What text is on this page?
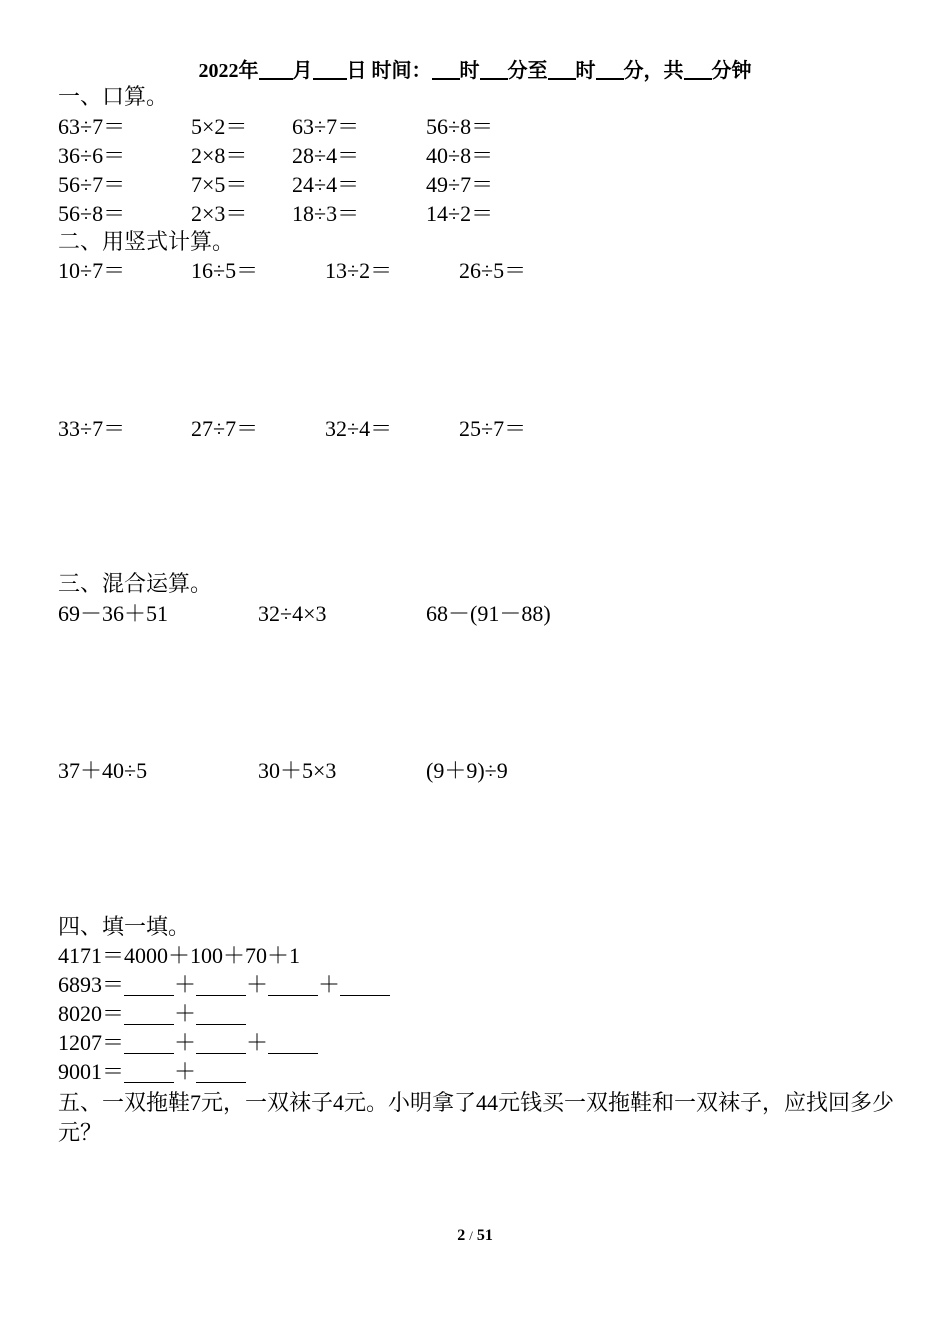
2022年 月 日 时间： 时 分至 时 分，共 分钟
一、口算。
63÷7＝	5×2＝ 63÷7＝	56÷8＝
36÷6＝	2×8＝ 28÷4＝	40÷8＝
56÷7＝	7×5＝ 24÷4＝	49÷7＝
56÷8＝	2×3＝ 18÷3＝	14÷2＝
二、用竖式计算。
10÷7＝	16÷5＝	13÷2＝	26÷5＝
33÷7＝	27÷7＝	32÷4＝	25÷7＝
三、混合运算。
69－36＋51	32÷4×3	68－(91－88)
37＋40÷5	30＋5×3	(9＋9)÷9
四、填一填。
4171＝4000＋100＋70＋1
6893＝ ＋ ＋ ＋
8020＝ ＋
1207＝ ＋ ＋
9001＝ ＋
五、一双拖鞋7元，一双袜子4元。小明拿了44元钱买一双拖鞋和一双袜子，应找回多少元？
2 / 51
